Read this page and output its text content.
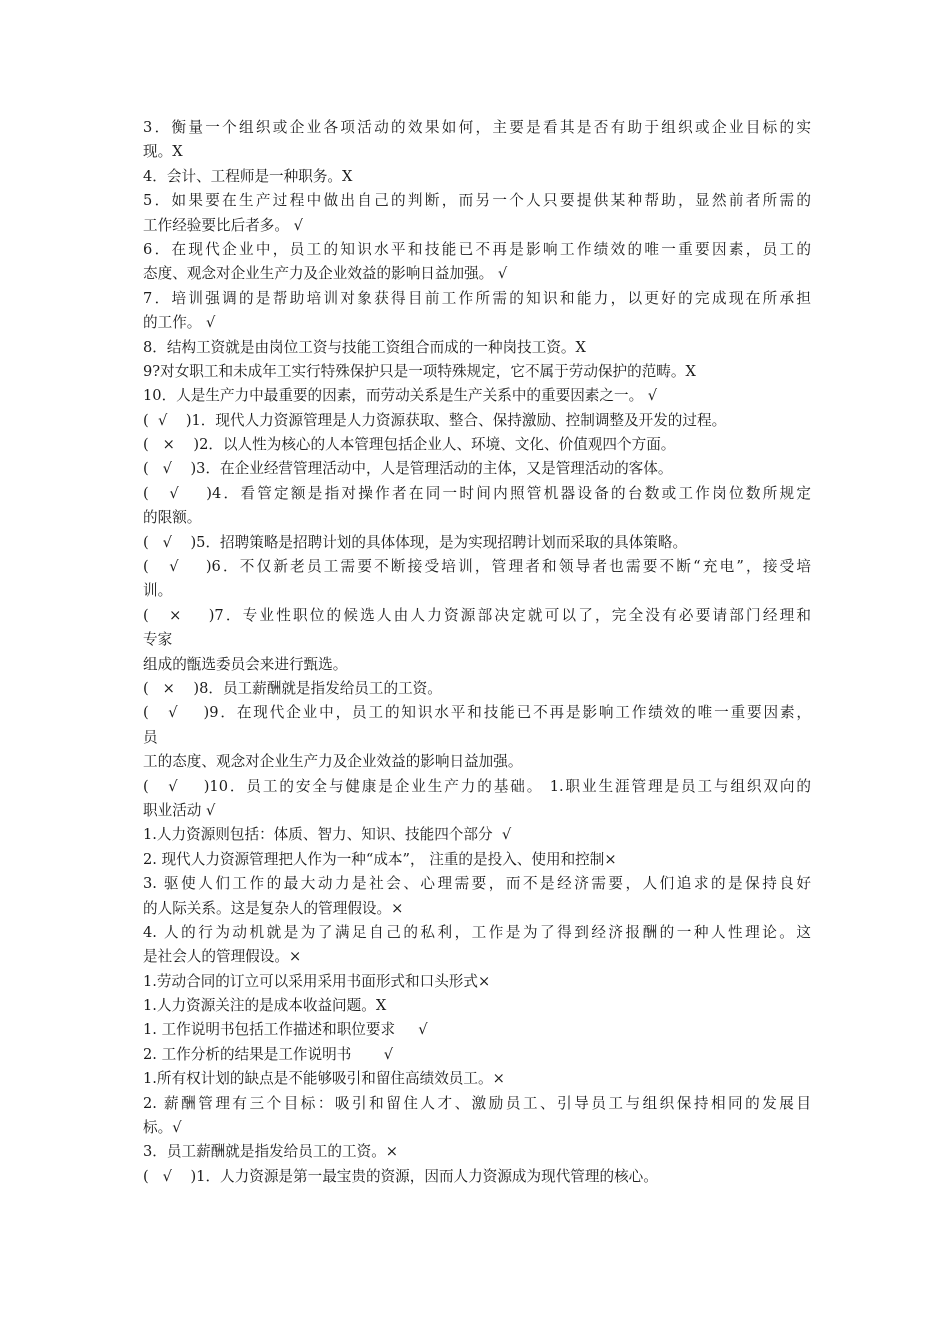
3．衡量一个组织或企业各项活动的效果如何，主要是看其是否有助于组织或企业目标的实
现。X
4．会计、工程师是一种职务。X
5．如果要在生产过程中做出自己的判断，而另一个人只要提供某种帮助，显然前者所需的
工作经验要比后者多。 √
6．在现代企业中，员工的知识水平和技能已不再是影响工作绩效的唯一重要因素，员工的
态度、观念对企业生产力及企业效益的影响日益加强。 √
7．培训强调的是帮助培训对象获得目前工作所需的知识和能力，以更好的完成现在所承担
的工作。 √
8．结构工资就是由岗位工资与技能工资组合而成的一种岗技工资。X
9?对女职工和未成年工实行特殊保护只是一项特殊规定，它不属于劳动保护的范畴。X
10．人是生产力中最重要的因素，而劳动关系是生产关系中的重要因素之一。 √
(  √    )1．现代人力资源管理是人力资源获取、整合、保持激励、控制调整及开发的过程。
(   ×    )2．以人性为核心的人本管理包括企业人、环境、文化、价值观四个方面。
(   √    )3．在企业经营管理活动中，人是管理活动的主体，又是管理活动的客体。
(   √    )4．看管定额是指对操作者在同一时间内照管机器设备的台数或工作岗位数所规定
的限额。
(   √    )5．招聘策略是招聘计划的具体体现，是为实现招聘计划而采取的具体策略。
(   √    )6．不仅新老员工需要不断接受培训，管理者和领导者也需要不断“充电”，接受培
训。
(   ×    )7．专业性职位的候选人由人力资源部决定就可以了，完全没有必要请部门经理和
专家
组成的甑选委员会来进行甄选。
(   ×    )8．员工薪酬就是指发给员工的工资。
(   √    )9．在现代企业中，员工的知识水平和技能已不再是影响工作绩效的唯一重要因素，
员
工的态度、观念对企业生产力及企业效益的影响日益加强。
(   √    )10．员工的安全与健康是企业生产力的基础。 1.职业生涯管理是员工与组织双向的
职业活动 √
1.人力资源则包括：体质、智力、知识、技能四个部分  √
2. 现代人力资源管理把人作为一种“成本”， 注重的是投入、使用和控制×
3. 驱使人们工作的最大动力是社会、心理需要，而不是经济需要，人们追求的是保持良好
的人际关系。这是复杂人的管理假设。×
4. 人的行为动机就是为了满足自己的私利，工作是为了得到经济报酬的一种人性理论。这
是社会人的管理假设。×
1.劳动合同的订立可以采用采用书面形式和口头形式×
1.人力资源关注的是成本收益问题。X
1. 工作说明书包括工作描述和职位要求     √
2. 工作分析的结果是工作说明书       √
1.所有权计划的缺点是不能够吸引和留住高绩效员工。×
2. 薪酬管理有三个目标：吸引和留住人才、激励员工、引导员工与组织保持相同的发展目
标。√
3．员工薪酬就是指发给员工的工资。×
(   √    )1．人力资源是第一最宝贵的资源，因而人力资源成为现代管理的核心。
